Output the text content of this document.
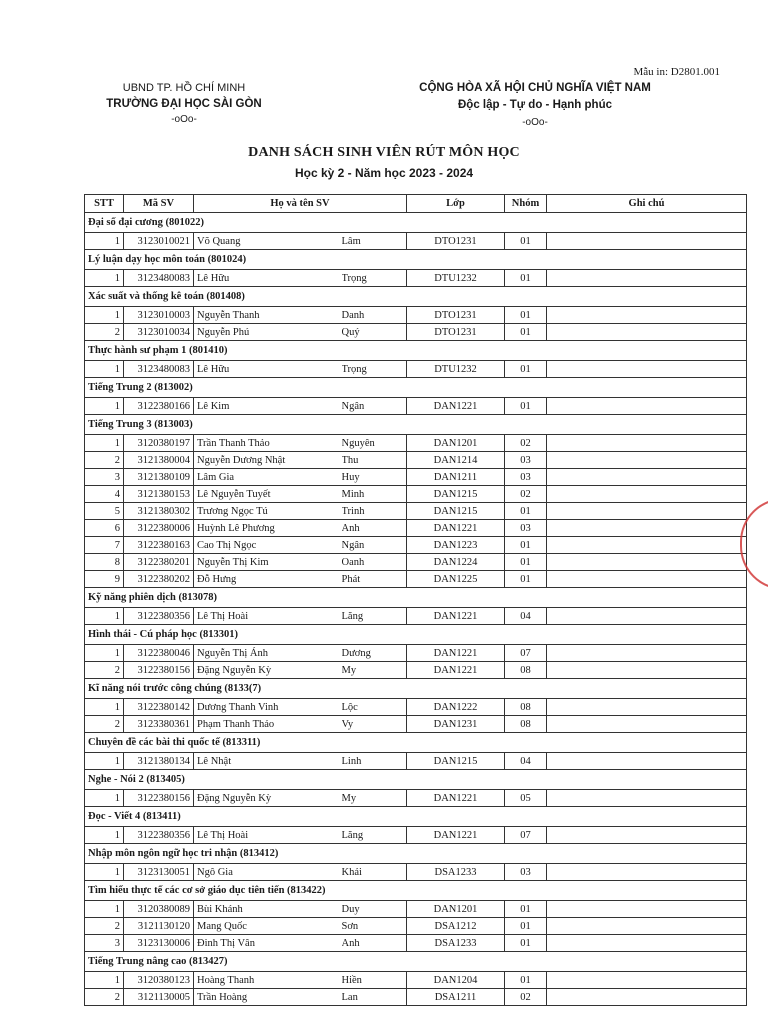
Mẫu in: D2801.001
UBND TP. HỒ CHÍ MINH
TRƯỜNG ĐẠI HỌC SÀI GÒN
-oOo-
CỘNG HÒA XÃ HỘI CHỦ NGHĨA VIỆT NAM
Độc lập - Tự do - Hạnh phúc
-oOo-
DANH SÁCH SINH VIÊN RÚT MÔN HỌC
Học kỳ 2 - Năm học 2023 - 2024
STT	Mã SV	Họ và tên SV		Lớp	Nhóm	Ghi chú
Đại số đại cương (801022)						
1	3123010021	Võ Quang	Lâm	DTO1231	01	
Lý luận dạy học môn toán (801024)						
1	3123480083	Lê Hữu	Trọng	DTU1232	01	
Xác suất và thống kê toán (801408)						
1	3123010003	Nguyễn Thanh	Danh	DTO1231	01	
2	3123010034	Nguyễn Phú	Quý	DTO1231	01	
Thực hành sư phạm 1 (801410)						
1	3123480083	Lê Hữu	Trọng	DTU1232	01	
Tiếng Trung 2 (813002)						
1	3122380166	Lê Kim	Ngân	DAN1221	01	
Tiếng Trung 3 (813003)						
1	3120380197	Trần Thanh Thảo	Nguyên	DAN1201	02	
2	3121380004	Nguyễn Dương Nhật	Thu	DAN1214	03	
3	3121380109	Lâm Gia	Huy	DAN1211	03	
4	3121380153	Lê Nguyễn Tuyết	Minh	DAN1215	02	
5	3121380302	Trương Ngọc Tú	Trinh	DAN1215	01	
6	3122380006	Huỳnh Lê Phương	Anh	DAN1221	03	
7	3122380163	Cao Thị Ngọc	Ngân	DAN1223	01	
8	3122380201	Nguyễn Thị Kim	Oanh	DAN1224	01	
9	3122380202	Đỗ Hưng	Phát	DAN1225	01	
Kỹ năng phiên dịch (813078)						
1	3122380356	Lê Thị Hoài	Lăng	DAN1221	04	
Hình thái - Cú pháp học (813301)						
1	3122380046	Nguyễn Thị Ánh	Dương	DAN1221	07	
2	3122380156	Đặng Nguyễn Kỳ	My	DAN1221	08	
Kĩ năng nói trước công chúng (8133(7)						
1	3122380142	Dương Thanh Vinh	Lộc	DAN1222	08	
2	3123380361	Phạm Thanh Thảo	Vy	DAN1231	08	
Chuyên đề các bài thi quốc tế (813311)						
1	3121380134	Lê Nhật	Linh	DAN1215	04	
Nghe - Nói 2 (813405)						
1	3122380156	Đặng Nguyễn Kỳ	My	DAN1221	05	
Đọc - Viết 4 (813411)						
1	3122380356	Lê Thị Hoài	Lăng	DAN1221	07	
Nhập môn ngôn ngữ học tri nhận (813412)						
1	3123130051	Ngô Gia	Khải	DSA1233	03	
Tìm hiểu thực tế các cơ sở giáo dục tiên tiến (813422)						
1	3120380089	Bùi Khánh	Duy	DAN1201	01	
2	3121130120	Mang Quốc	Sơn	DSA1212	01	
3	3123130006	Đinh Thị Vân	Anh	DSA1233	01	
Tiếng Trung nâng cao (813427)						
1	3120380123	Hoàng Thanh	Hiền	DAN1204	01	
2	3121130005	Trần Hoàng	Lan	DSA1211	02	
